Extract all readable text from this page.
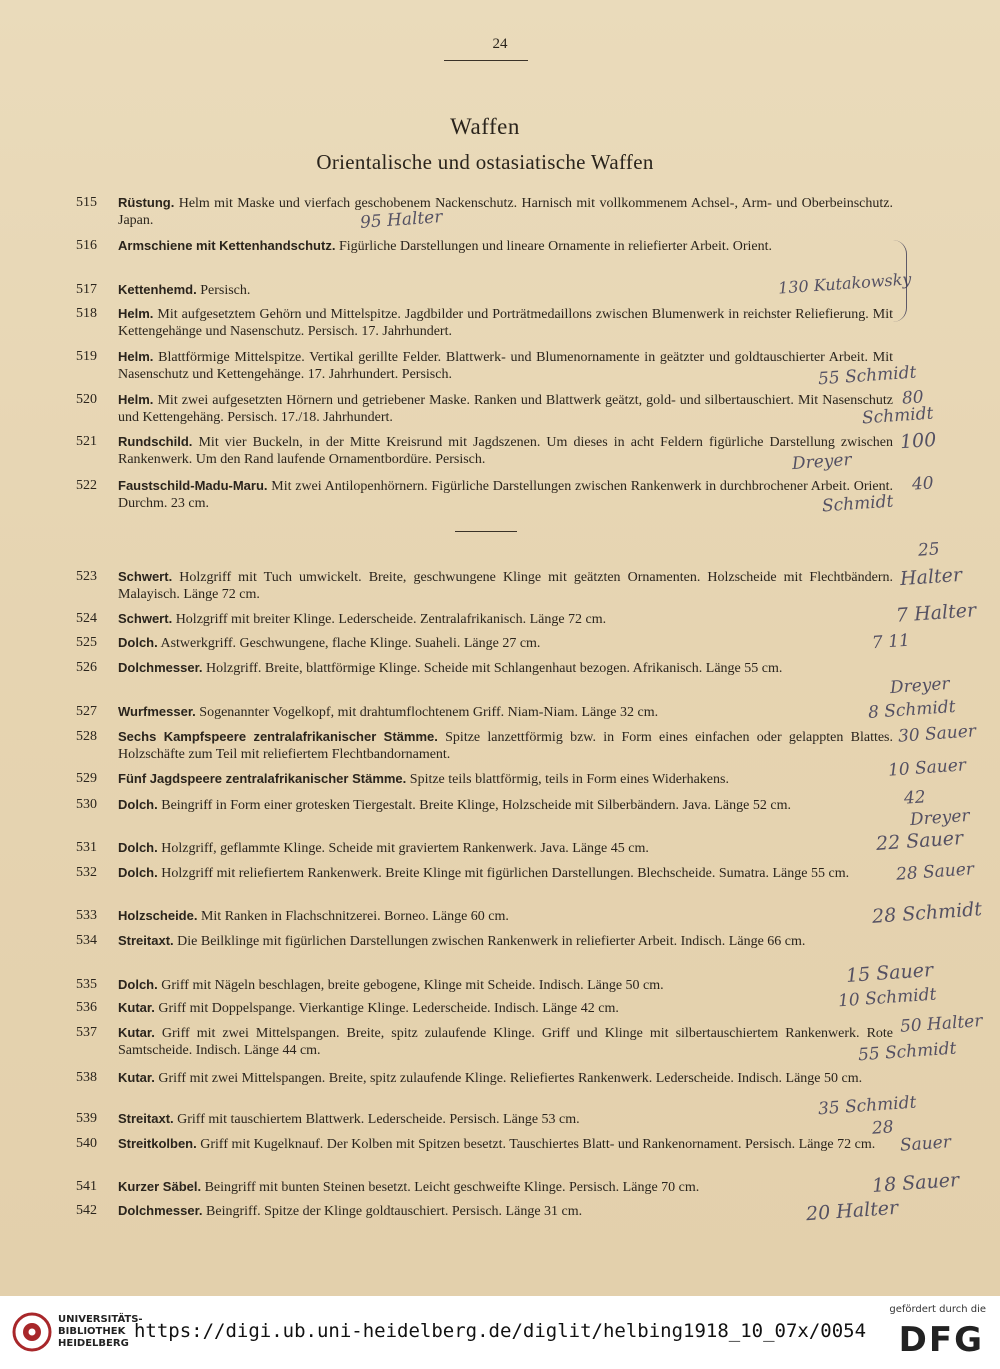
24
Waffen
Orientalische und ostasiatische Waffen
515	Rüstung. Helm mit Maske und vierfach geschobenem Nackenschutz. Harnisch mit vollkommenem Achsel-, Arm- und Oberbeinschutz. Japan.
516	Armschiene mit Kettenhandschutz. Figürliche Darstellungen und lineare Ornamente in reliefierter Arbeit. Orient.
517	Kettenhemd. Persisch.
518	Helm. Mit aufgesetztem Gehörn und Mittelspitze. Jagdbilder und Porträtmedaillons zwischen Blumenwerk in reichster Reliefierung. Mit Kettengehänge und Nasenschutz. Persisch. 17. Jahrhundert.
519	Helm. Blattförmige Mittelspitze. Vertikal gerillte Felder. Blattwerk- und Blumenornamente in geätzter und goldtauschierter Arbeit. Mit Nasenschutz und Kettengehänge. 17. Jahrhundert. Persisch.
520	Helm. Mit zwei aufgesetzten Hörnern und getriebener Maske. Ranken und Blattwerk geätzt, gold- und silbertauschiert. Mit Nasenschutz und Kettengehäng. Persisch. 17./18. Jahrhundert.
521	Rundschild. Mit vier Buckeln, in der Mitte Kreisrund mit Jagdszenen. Um dieses in acht Feldern figürliche Darstellung zwischen Rankenwerk. Um den Rand laufende Ornamentbordüre. Persisch.
522	Faustschild-Madu-Maru. Mit zwei Antilopenhörnern. Figürliche Darstellungen zwischen Rankenwerk in durchbrochener Arbeit. Orient. Durchm. 23 cm.
523	Schwert. Holzgriff mit Tuch umwickelt. Breite, geschwungene Klinge mit geätzten Ornamenten. Holzscheide mit Flechtbändern. Malayisch. Länge 72 cm.
524	Schwert. Holzgriff mit breiter Klinge. Lederscheide. Zentralafrikanisch. Länge 72 cm.
525	Dolch. Astwerkgriff. Geschwungene, flache Klinge. Suaheli. Länge 27 cm.
526	Dolchmesser. Holzgriff. Breite, blattförmige Klinge. Scheide mit Schlangenhaut bezogen. Afrikanisch. Länge 55 cm.
527	Wurfmesser. Sogenannter Vogelkopf, mit drahtumflochtenem Griff. Niam-Niam. Länge 32 cm.
528	Sechs Kampfspeere zentralafrikanischer Stämme. Spitze lanzettförmig bzw. in Form eines einfachen oder gelappten Blattes. Holzschäfte zum Teil mit reliefiertem Flechtbandornament.
529	Fünf Jagdspeere zentralafrikanischer Stämme. Spitze teils blattförmig, teils in Form eines Widerhakens.
530	Dolch. Beingriff in Form einer grotesken Tiergestalt. Breite Klinge, Holzscheide mit Silberbändern. Java. Länge 52 cm.
531	Dolch. Holzgriff, geflammte Klinge. Scheide mit graviertem Rankenwerk. Java. Länge 45 cm.
532	Dolch. Holzgriff mit reliefiertem Rankenwerk. Breite Klinge mit figürlichen Darstellungen. Blechscheide. Sumatra. Länge 55 cm.
533	Holzscheide. Mit Ranken in Flachschnitzerei. Borneo. Länge 60 cm.
534	Streitaxt. Die Beilklinge mit figürlichen Darstellungen zwischen Rankenwerk in reliefierter Arbeit. Indisch. Länge 66 cm.
535	Dolch. Griff mit Nägeln beschlagen, breite gebogene, Klinge mit Scheide. Indisch. Länge 50 cm.
536	Kutar. Griff mit Doppelspange. Vierkantige Klinge. Lederscheide. Indisch. Länge 42 cm.
537	Kutar. Griff mit zwei Mittelspangen. Breite, spitz zulaufende Klinge. Griff und Klinge mit silbertauschiertem Rankenwerk. Rote Samtscheide. Indisch. Länge 44 cm.
538	Kutar. Griff mit zwei Mittelspangen. Breite, spitz zulaufende Klinge. Reliefiertes Rankenwerk. Lederscheide. Indisch. Länge 50 cm.
539	Streitaxt. Griff mit tauschiertem Blattwerk. Lederscheide. Persisch. Länge 53 cm.
540	Streitkolben. Griff mit Kugelknauf. Der Kolben mit Spitzen besetzt. Tauschiertes Blatt- und Rankenornament. Persisch. Länge 72 cm.
541	Kurzer Säbel. Beingriff mit bunten Steinen besetzt. Leicht geschweifte Klinge. Persisch. Länge 70 cm.
542	Dolchmesser. Beingriff. Spitze der Klinge goldtauschiert. Persisch. Länge 31 cm.
95 Halter
130 Kutakowsky
55 Schmidt
80
Schmidt
100
Dreyer
40
Schmidt
25
Halter
7 Halter
7 11
Dreyer
8 Schmidt
30 Sauer
10 Sauer
42
Dreyer
22 Sauer
28 Sauer
28 Schmidt
15 Sauer
10 Schmidt
50 Halter
55 Schmidt
35 Schmidt
28
Sauer
18 Sauer
20 Halter
UNIVERSITÄTS-
BIBLIOTHEK
HEIDELBERG
https://digi.ub.uni-heidelberg.de/diglit/helbing1918_10_07x/0054
gefördert durch die
DFG
